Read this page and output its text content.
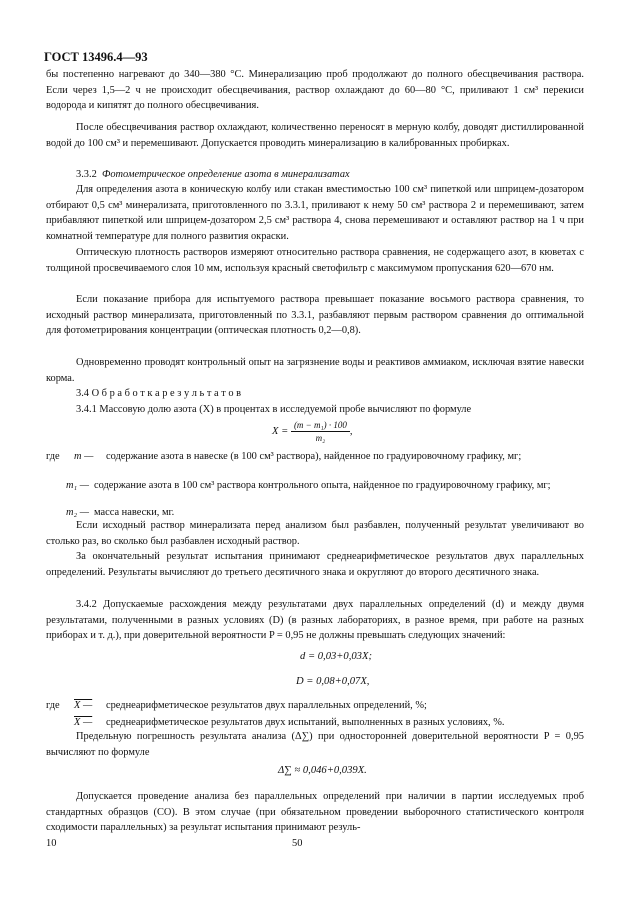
ГОСТ 13496.4—93
бы постепенно нагревают до 340—380 °С. Минерализацию проб продолжают до полного обесцвечивания раствора. Если через 1,5—2 ч не происходит обесцвечивания, раствор охлаждают до 60—80 °С, приливают 1 см³ перекиси водорода и кипятят до полного обесцвечивания.
После обесцвечивания раствор охлаждают, количественно переносят в мерную колбу, доводят дистиллированной водой до 100 см³ и перемешивают. Допускается проводить минерализацию в калиброванных пробирках.
3.3.2 Фотометрическое определение азота в минерализатах
Для определения азота в коническую колбу или стакан вместимостью 100 см³ пипеткой или шприцем-дозатором отбирают 0,5 см³ минерализата, приготовленного по 3.3.1, приливают к нему 50 см³ раствора 2 и перемешивают, затем прибавляют пипеткой или шприцем-дозатором 2,5 см³ раствора 4, снова перемешивают и оставляют раствор на 1 ч при комнатной температуре для полного развития окраски.
Оптическую плотность растворов измеряют относительно раствора сравнения, не содержащего азот, в кюветах с толщиной просвечиваемого слоя 10 мм, используя красный светофильтр с максимумом пропускания 620—670 нм.
Если показание прибора для испытуемого раствора превышает показание восьмого раствора сравнения, то исходный раствор минерализата, приготовленный по 3.3.1, разбавляют первым раствором сравнения до оптимальной для фотометрирования концентрации (оптическая плотность 0,2—0,8).
Одновременно проводят контрольный опыт на загрязнение воды и реактивов аммиаком, исключая взятие навески корма.
3.4 О б р а б о т к а р е з у л ь т а т о в
3.4.1 Массовую долю азота (X) в процентах в исследуемой пробе вычисляют по формуле
$X = \frac{\text{(m − m₁) · 100}}{\text{m₂}}$ ,
где m — содержание азота в навеске (в 100 см³ раствора), найденное по градуировочному графику, мг;
m₁ — содержание азота в 100 см³ раствора контрольного опыта, найденное по градуировочному графику, мг;
m₂ — масса навески, мг.
Если исходный раствор минерализата перед анализом был разбавлен, полученный результат увеличивают во столько раз, во сколько был разбавлен исходный раствор.
За окончательный результат испытания принимают среднеарифметическое результатов двух параллельных определений. Результаты вычисляют до третьего десятичного знака и округляют до второго десятичного знака.
3.4.2 Допускаемые расхождения между результатами двух параллельных определений (d) и между двумя результатами, полученными в разных условиях (D) (в разных лабораториях, в разное время, при работе на разных приборах и т. д.), при доверительной вероятности P = 0,95 не должны превышать следующих значений:
d = 0,03+0,03X;
D = 0,08+0,07X,
где X — среднеарифметическое результатов двух параллельных определений, %;
X — среднеарифметическое результатов двух испытаний, выполненных в разных условиях, %.
Предельную погрешность результата анализа (Δ∑) при односторонней доверительной вероятности P = 0,95 вычисляют по формуле
Δ∑ ≈ 0,046+0,039X.
Допускается проведение анализа без параллельных определений при наличии в партии исследуемых проб стандартных образцов (СО). В этом случае (при обязательном проведении выборочного статистического контроля сходимости параллельных) за результат испытания принимают резуль-
10	50
